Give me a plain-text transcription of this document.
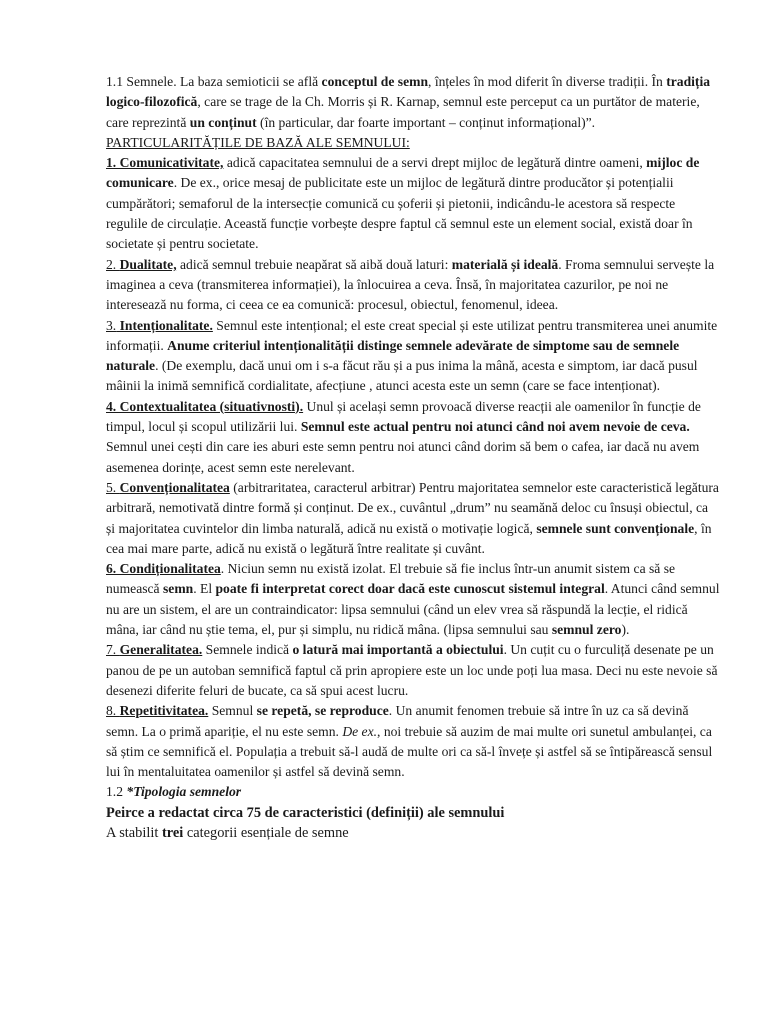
1.1 Semnele. La baza semioticii se află conceptul de semn, înțeles în mod diferit în diverse tradiții. În tradiția logico-filozofică, care se trage de la Ch. Morris și R. Karnap, semnul este perceput ca un purtător de materie, care reprezintă un conținut (în particular, dar foarte important – conținut informațional)”. PARTICULARITĂȚILE DE BAZĂ ALE SEMNULUI:

1. Comunicativitate, adică capacitatea semnului de a servi drept mijloc de legătură dintre oameni, mijloc de comunicare. De ex., orice mesaj de publicitate este un mijloc de legătură dintre producător și potențialii cumpărători; semaforul de la intersecție comunică cu șoferii și pietonii, indicându-le acestora să respecte regulile de circulație. Această funcție vorbește despre faptul că semnul este un element social, există doar în societate și pentru societate.

2. Dualitate, adică semnul trebuie neapărat să aibă două laturi: materială și ideală. Froma semnului servește la imaginea a ceva (transmiterea informației), la înlocuirea a ceva. Însă, în majoritatea cazurilor, pe noi ne interesează nu forma, ci ceea ce ea comunică: procesul, obiectul, fenomenul, ideea.

3. Intenționalitate. Semnul este intențional; el este creat special și este utilizat pentru transmiterea unei anumite informații. Anume criteriul intenționalității distinge semnele adevărate de simptome sau de semnele naturale. (De exemplu, dacă unui om i s-a făcut rău și a pus inima la mână, acesta e simptom, iar dacă pusul mâinii la inimă semnifică cordialitate, afecțiune , atunci acesta este un semn (care se face intenționat).

4. Contextualitatea (situativnosti). Unul și același semn provoacă diverse reacții ale oamenilor în funcție de timpul, locul și scopul utilizării lui. Semnul este actual pentru noi atunci când noi avem nevoie de ceva. Semnul unei cești din care ies aburi este semn pentru noi atunci când dorim să bem o cafea, iar dacă nu avem asemenea dorințe, acest semn este nerelevant.

5. Convenționalitatea (arbitraritatea, caracterul arbitrar) Pentru majoritatea semnelor este caracteristică legătura arbitrară, nemotivată dintre formă și conținut. De ex., cuvântul „drum” nu seamănă deloc cu însuși obiectul, ca și majoritatea cuvintelor din limba naturală, adică nu există o motivație logică, semnele sunt convenționale, în cea mai mare parte, adică nu există o legătură între realitate și cuvânt.

6. Condiționalitatea. Niciun semn nu există izolat. El trebuie să fie inclus într-un anumit sistem ca să se numească semn. El poate fi interpretat corect doar dacă este cunoscut sistemul integral. Atunci când semnul nu are un sistem, el are un contraindicator: lipsa semnului (când un elev vrea să răspundă la lecție, el ridică mâna, iar când nu știe tema, el, pur și simplu, nu ridică mâna. (lipsa semnului sau semnul zero).

7. Generalitatea. Semnele indică o latură mai importantă a obiectului. Un cuțit cu o furculiță desenate pe un panou de pe un autoban semnifică faptul că prin apropiere este un loc unde poți lua masa. Deci nu este nevoie să desenezi diferite feluri de bucate, ca să spui acest lucru.

8. Repetitivitatea. Semnul se repetă, se reproduce. Un anumit fenomen trebuie să intre în uz ca să devină semn. La o primă apariție, el nu este semn. De ex., noi trebuie să auzim de mai multe ori sunetul ambulanței, ca să știm ce semnifică el. Populația a trebuit să-l audă de multe ori ca să-l învețe și astfel să se întipărească sensul lui în mentaluitatea oamenilor și astfel să devină semn.

1.2 *Tipologia semnelor

Peirce a redactat circa 75 de caracteristici (definiții) ale semnului

A stabilit trei categorii esențiale de semne
